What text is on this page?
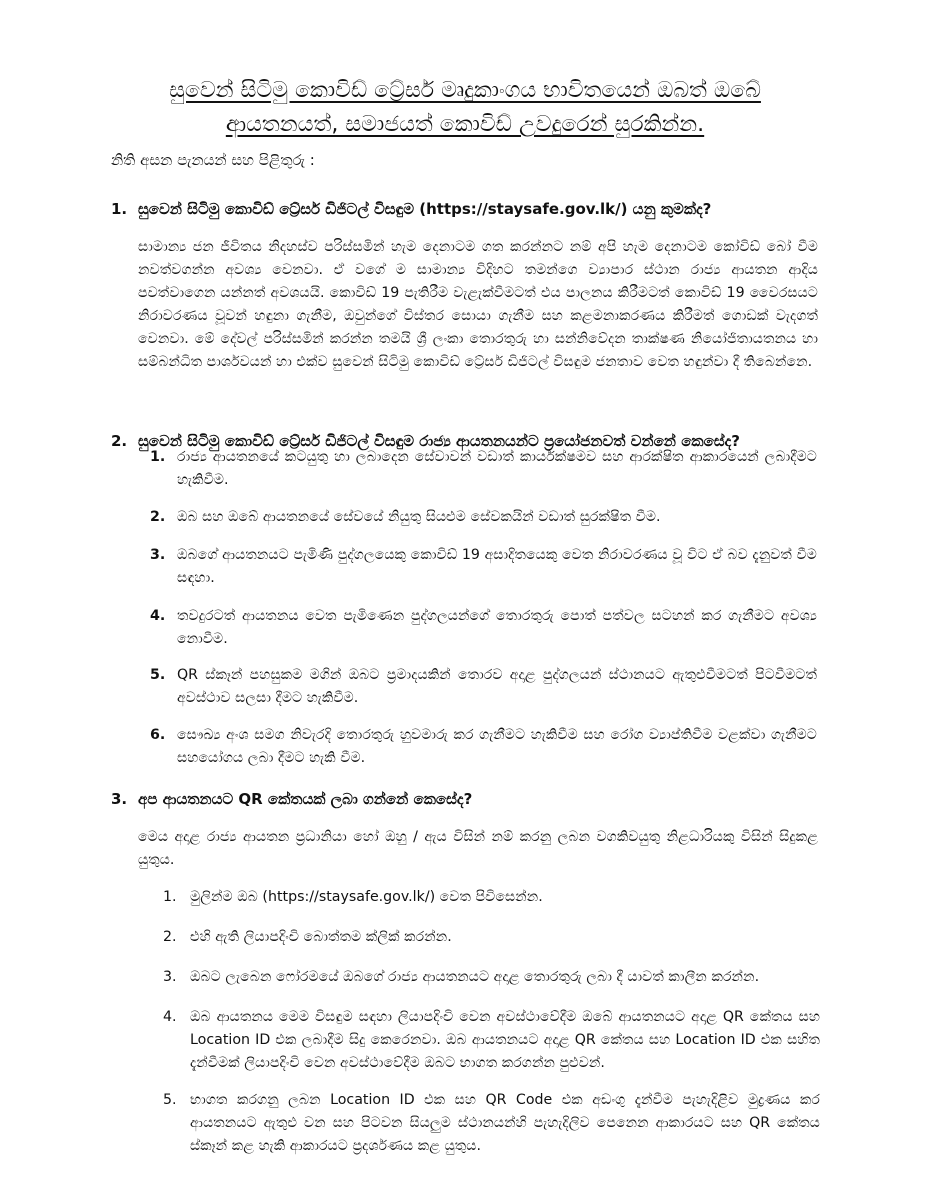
සුවෙන් සිටිමු කොවිඩ් ට්‍රේසර් මෘදුකාංගය භාවිතයෙන් ඔබත් ඔබේ ආයතනයත්, සමාජයත් කොවිඩ් උවදුරෙන් සුරකින්න.
නිති අසන පැනයන් සහ පිළිතුරු :
1. සුවෙන් සිටිමු කොවිඩ් ට්‍රේසර් ඩිජිටල් විසඳුම (https://staysafe.gov.lk/) යනු කුමක්ද?
සාමාන්‍ය ජන ජීවිතය නිදහස්ව පරිස්සමින් හැම දෙනාටම ගත කරන්නට නම් අපි හැම දෙනාටම කෝවිඩ් බෝ වීම නවත්වගන්න අවශ්‍ය වෙනවා. ඒ වගේ ම සාමාන්‍ය විදිහට තමන්ගෙ ව්‍යාපාර ස්ථාන රාජ්‍ය ආයතන ආදිය පවත්වාගෙන යන්නත් අවශයයි. කොවිඩ් 19 පැතිරීම වැළැක්වීමටත් එය පාලනය කිරීමටත් කොවිඩ් 19 වෛරසයට නිරාවරණය වූවන් හඳුනා ගැනීම, ඔවුන්ගේ විස්තර සොයා ගැනීම සහ කළමනාකරණය කිරීමත් ගොඩක් වැදගත් වෙනවා. මේ දේවල් පරිස්සමින් කරන්න තමයි ශ්‍රී ලංකා තොරතුරු හා සන්නිවේදන තාක්ෂණ නියෝජිතායතනය හා සම්බන්ධිත පාර්ශවයන් හා එක්ව සුවෙන් සිටිමු කොවිඩ් ට්‍රේසර් ඩිජිටල් විසඳුම ජනතාව වෙත හඳුන්වා දී තිබෙන්නෙ.
2. සුවෙන් සිටිමු කොවිඩ් ට්‍රේසර් ඩිජිටල් විසඳුම රාජ්‍ය ආයතනයන්ට ප්‍රයෝජනවත් වන්නේ කෙසේද?
1. රාජ්‍ය ආයතනයේ කටයුතු හා ලබාදෙන සේවාවන් වඩාත් කාර්යක්ෂමව සහ ආරක්ෂිත ආකාරයෙන් ලබාදීමට හැකිවීම.
2. ඔබ සහ ඔබේ ආයතනයේ සේවයේ නියුතු සියළුම සේවකයින් වඩාත් සුරක්ෂිත වීම.
3. ඔබගේ ආයතනයට පැමිණි පුද්ගලයෙකු කොවිඩ් 19 අසාදිතයෙකු වෙත නිරාවරණය වූ විට ඒ බව දැනුවත් වීම සඳහා.
4. තවදුරටත් ආයතනය වෙත පැමිණෙන පුද්ගලයන්ගේ තොරතුරු පොත් පත්වල සටහන් කර ගැනීමට අවශ්‍ය නොවීම.
5. QR ස්කෑන් පහසුකම මගින් ඔබට ප්‍රමාදයකින් තොරව අදාළ පුද්ගලයන් ස්ථානයට ඇතුළුවීමටත් පිටවීමටත් අවස්ථාව සලසා දීමට හැකිවීම.
6. සෞඛ්‍ය අංශ සමග නිවැරදි තොරතුරු හුවමාරු කර ගැනීමට හැකිවීම සහ රෝග ව්‍යාප්තිවීම වළක්වා ගැනීමට සහයෝගය ලබා දීමට හැකි වීම.
3. අප ආයතනයට QR කේතයක් ලබා ගන්නේ කෙසේද?
මෙය අදාළ රාජ්‍ය ආයතන ප්‍රධානියා හෝ ඔහු / ඇය විසින් නම් කරනු ලබන වගකිවයුතු නිළධාරියකු විසින් සිදුකළ යුතුය.
1. මුලින්ම ඔබ (https://staysafe.gov.lk/) වෙත පිවිසෙන්න.
2. එහි ඇති ලියාපදිංචි බොත්තම ක්ලික් කරන්න.
3. ඔබට ලැබෙන ෆෝරමයේ ඔබගේ රාජ්‍ය ආයතනයට අදාළ තොරතුරු ලබා දී යාවත් කාලීන කරන්න.
4. ඔබ ආයතනය මෙම විසඳුම සඳහා ලියාපදිංචි වෙන අවස්ථාවේදීම ඔබේ ආයතනයට අදාළ QR කේතය සහ Location ID එක ලබාදීම සිදු කෙරෙනවා. ඔබ ආයතනයට අදාළ QR කේතය සහ Location ID එක සහිත දැන්වීමක් ලියාපදිංචි වෙන අවස්ථාවේදීම ඔබට භාගත කරගන්න පුළුවන්.
5. භාගත කරගනු ලබන Location ID එක සහ QR Code එක අඩංගු දැන්වීම පැහැදිළිව මුද්‍රණය කර ආයතනයට ඇතුළු වන සහ පිටවන සියලුම ස්ථානයන්හි පැහැදිලිව පෙනෙන ආකාරයට සහ QR කේතය ස්කෑන් කළ හැකි ආකාරයට ප්‍රදර්ශණය කළ යුතුය.
